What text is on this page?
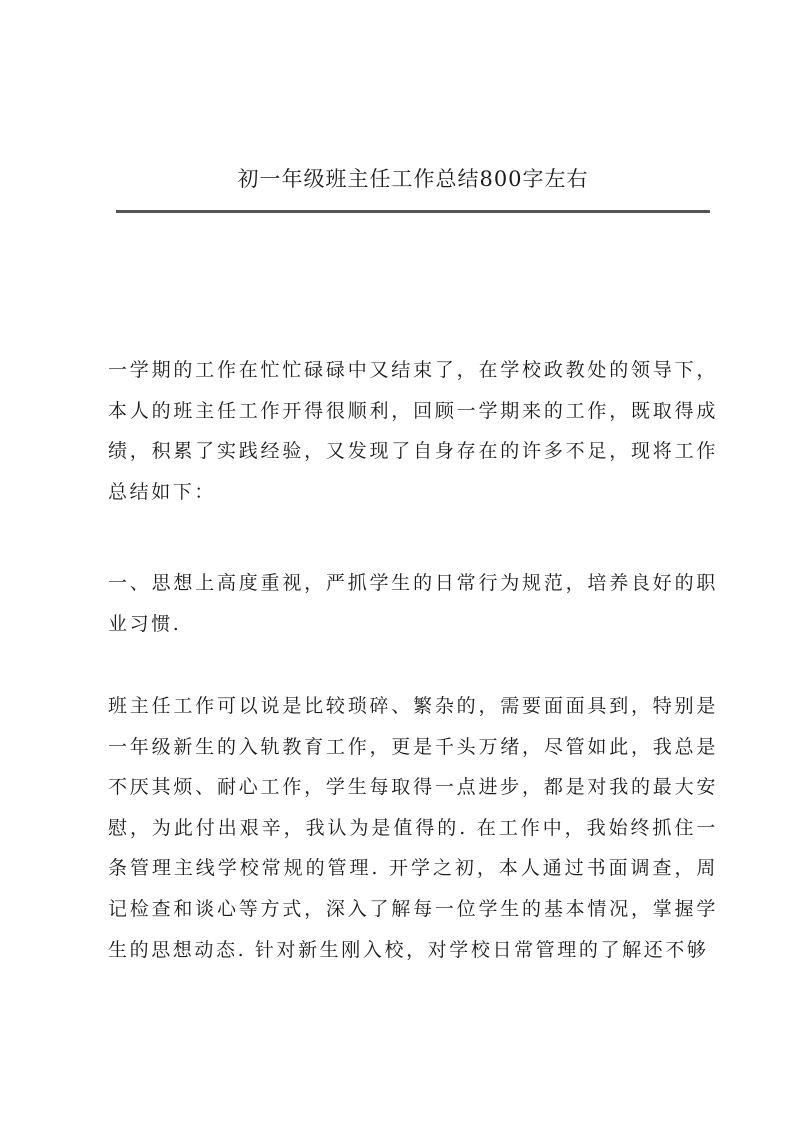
初一年级班主任工作总结800字左右

一学期的工作在忙忙碌碌中又结束了，在学校政教处的领导下，本人的班主任工作开得很顺利，回顾一学期来的工作，既取得成绩，积累了实践经验，又发现了自身存在的许多不足，现将工作总结如下：

一、思想上高度重视，严抓学生的日常行为规范，培养良好的职业习惯.

班主任工作可以说是比较琐碎、繁杂的，需要面面具到，特别是一年级新生的入轨教育工作，更是千头万绪，尽管如此，我总是不厌其烦、耐心工作，学生每取得一点进步，都是对我的最大安慰，为此付出艰辛，我认为是值得的. 在工作中，我始终抓住一条管理主线学校常规的管理. 开学之初，本人通过书面调查，周记检查和谈心等方式，深入了解每一位学生的基本情况，掌握学生的思想动态. 针对新生刚入校，对学校日常管理的了解还不够
